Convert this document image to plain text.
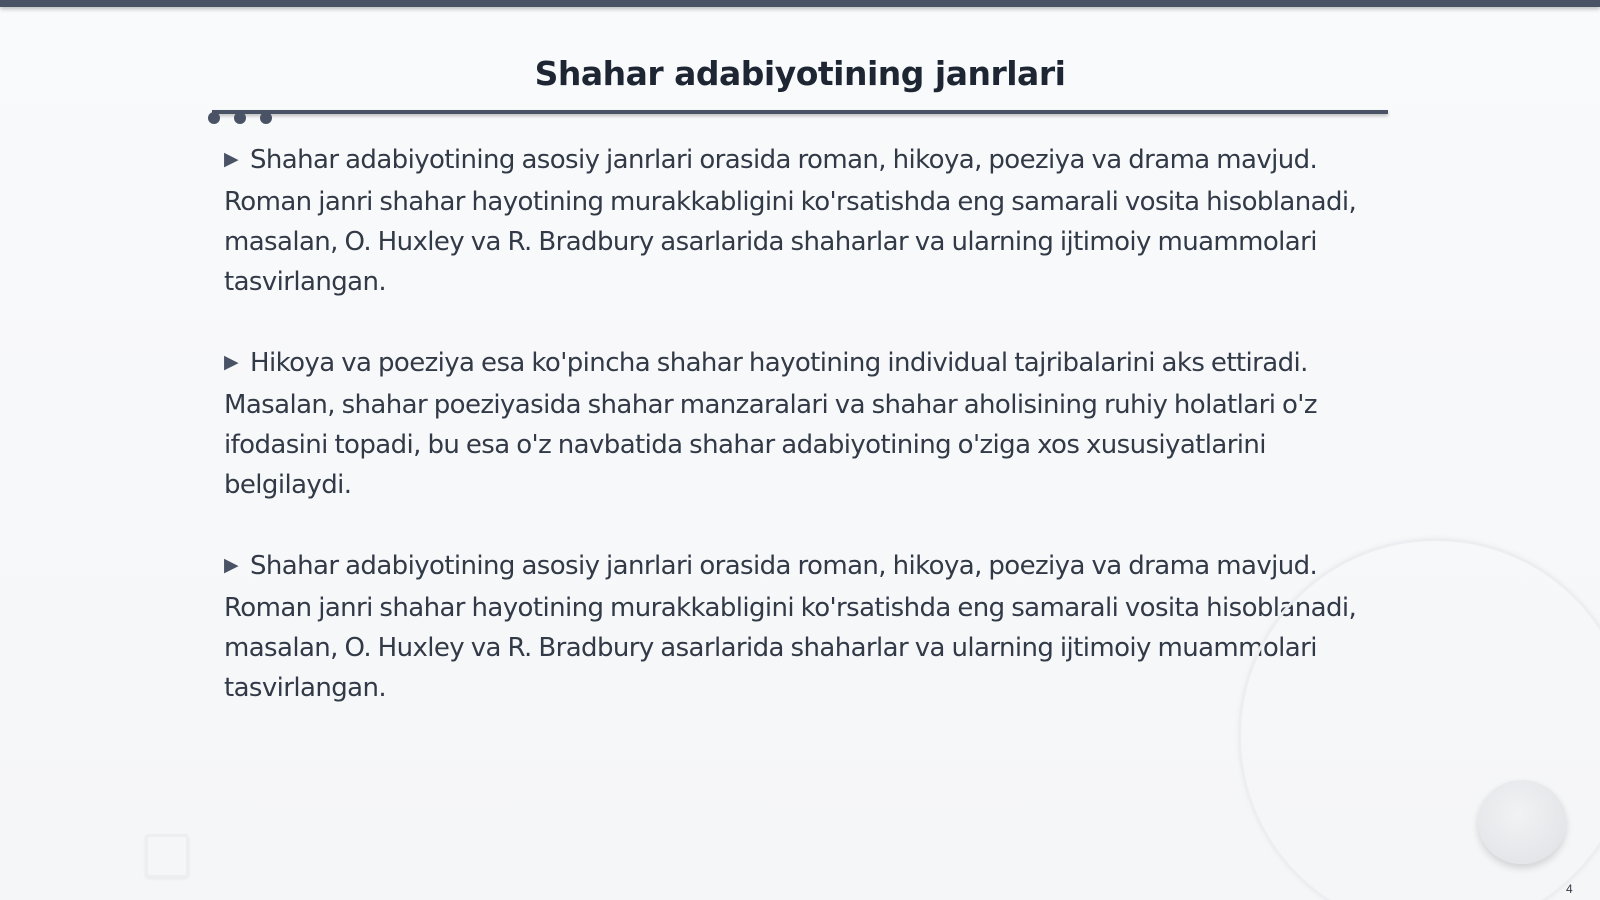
Shahar adabiyotining janrlari

▶ Shahar adabiyotining asosiy janrlari orasida roman, hikoya, poeziya va drama mavjud. Roman janri shahar hayotining murakkabligini ko'rsatishda eng samarali vosita hisoblanadi, masalan, O. Huxley va R. Bradbury asarlarida shaharlar va ularning ijtimoiy muammolari tasvirlangan.

▶ Hikoya va poeziya esa ko'pincha shahar hayotining individual tajribalarini aks ettiradi. Masalan, shahar poeziyasida shahar manzaralari va shahar aholisining ruhiy holatlari o'z ifodasini topadi, bu esa o'z navbatida shahar adabiyotining o'ziga xos xususiyatlarini belgilaydi.

▶ Shahar adabiyotining asosiy janrlari orasida roman, hikoya, poeziya va drama mavjud. Roman janri shahar hayotining murakkabligini ko'rsatishda eng samarali vosita hisoblanadi, masalan, O. Huxley va R. Bradbury asarlarida shaharlar va ularning ijtimoiy muammolari tasvirlangan.

4
